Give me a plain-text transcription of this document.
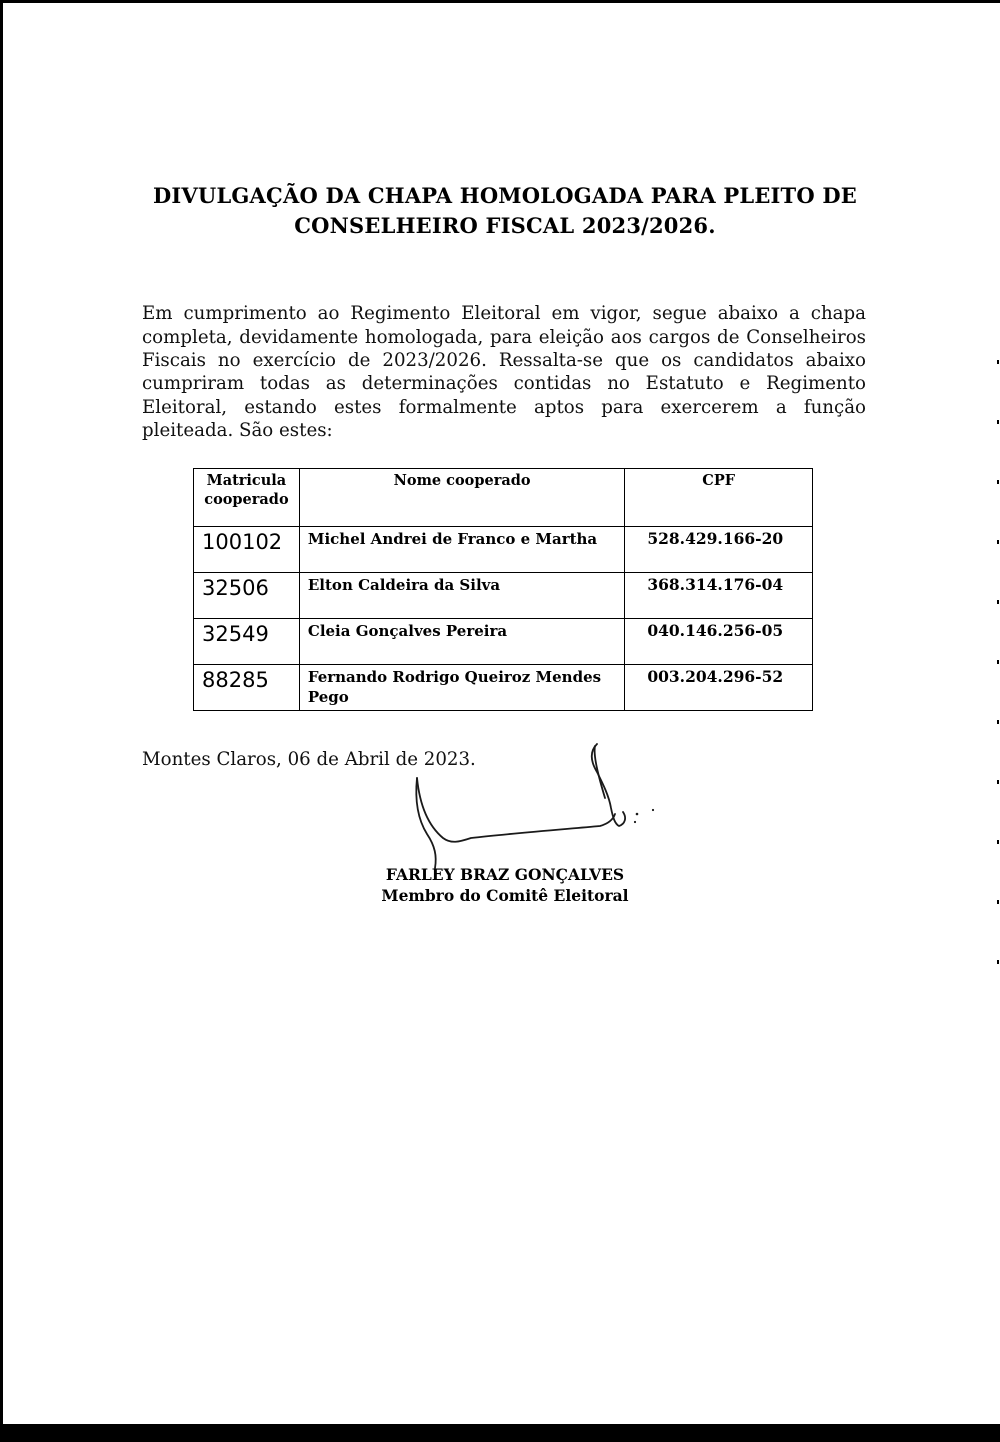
DIVULGAÇÃO DA CHAPA HOMOLOGADA PARA PLEITO DE
CONSELHEIRO FISCAL 2023/2026.

Em cumprimento ao Regimento Eleitoral em vigor, segue abaixo a chapa completa, devidamente homologada, para eleição aos cargos de Conselheiros Fiscais no exercício de 2023/2026. Ressalta-se que os candidatos abaixo cumpriram todas as determinações contidas no Estatuto e Regimento Eleitoral, estando estes formalmente aptos para exercerem a função pleiteada. São estes:

Matricula cooperado	Nome cooperado	CPF
100102	Michel Andrei de Franco e Martha	528.429.166-20
32506	Elton Caldeira da Silva	368.314.176-04
32549	Cleia Gonçalves Pereira	040.146.256-05
88285	Fernando Rodrigo Queiroz Mendes Pego	003.204.296-52
Montes Claros, 06 de Abril de 2023.
FARLEY BRAZ GONÇALVES
Membro do Comitê Eleitoral
